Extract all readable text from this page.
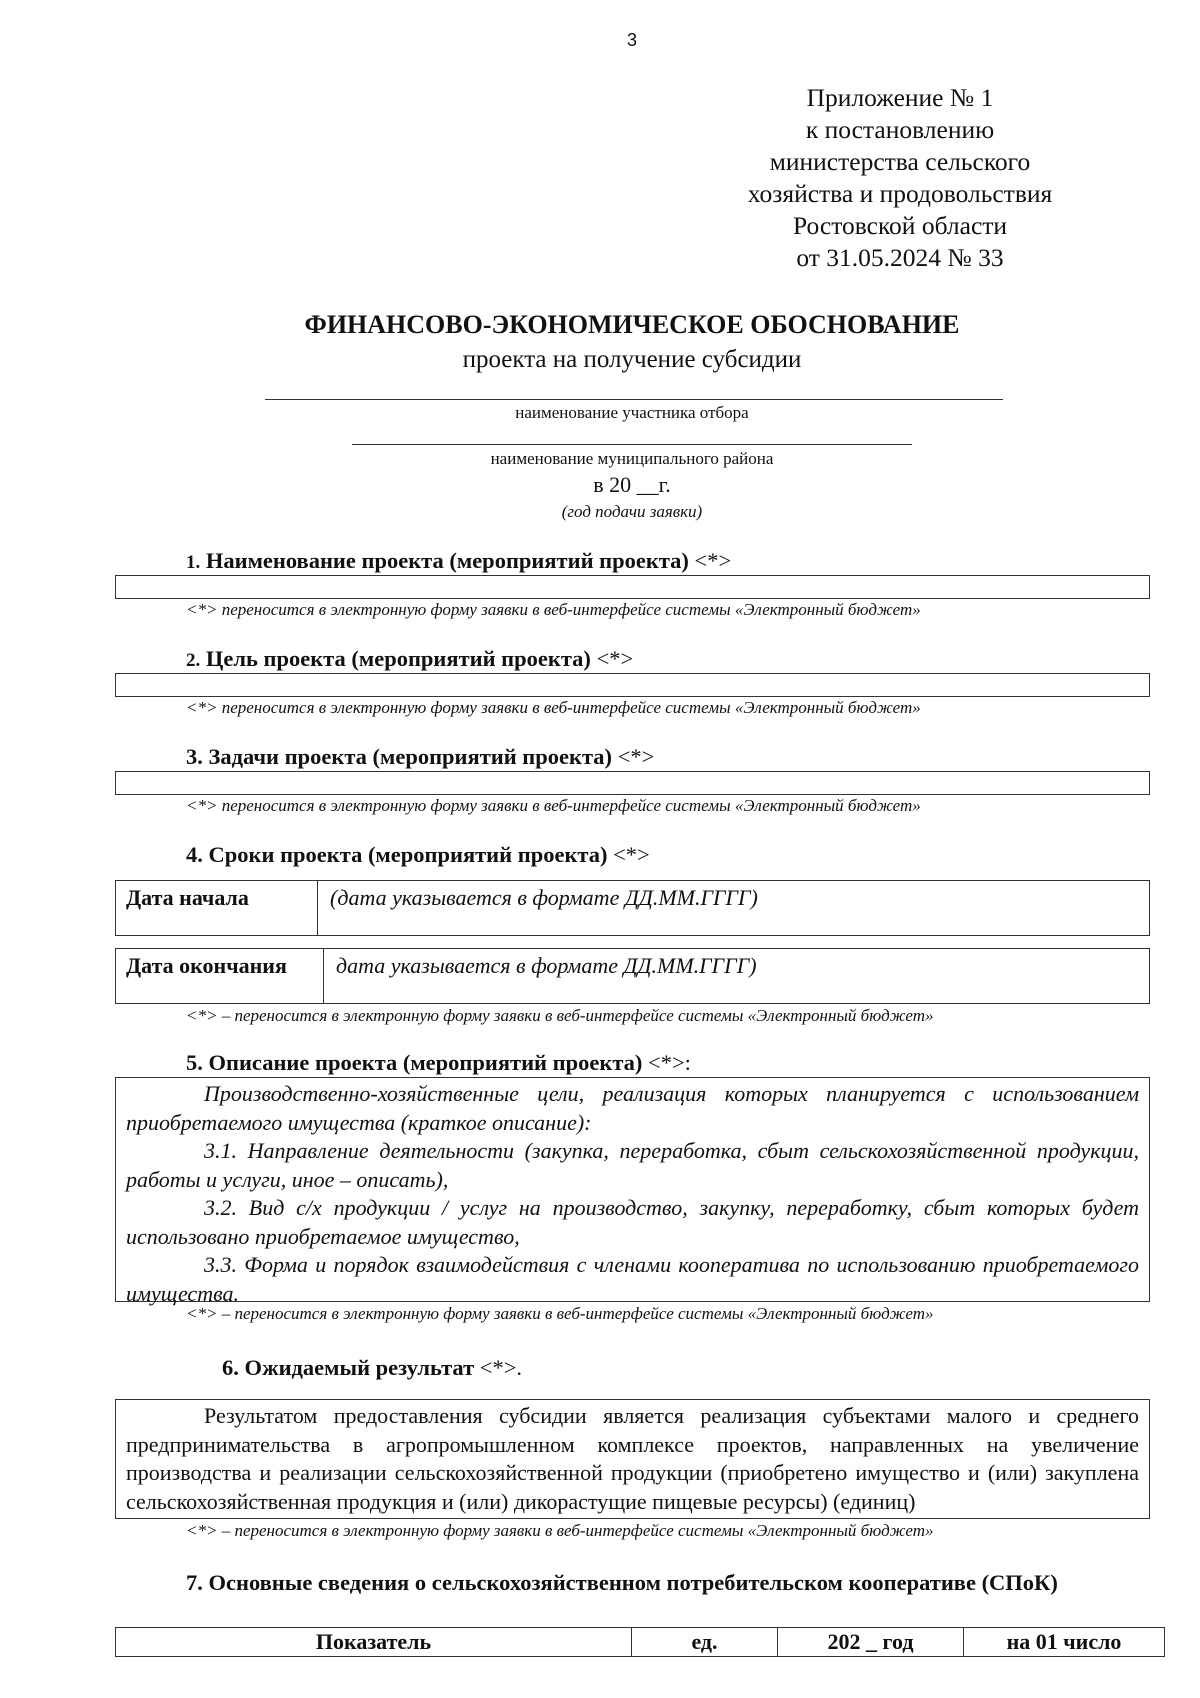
3
Приложение № 1
к постановлению
министерства сельского
хозяйства и продовольствия
Ростовской области
от 31.05.2024 № 33
ФИНАНСОВО-ЭКОНОМИЧЕСКОЕ ОБОСНОВАНИЕ
проекта на получение субсидии
наименование участника отбора
наименование муниципального района
в 20 __г.
(год подачи заявки)
1. Наименование проекта (мероприятий проекта) <*>
<*> переносится в электронную форму заявки в веб-интерфейсе системы «Электронный бюджет»
2. Цель проекта (мероприятий проекта) <*>
<*> переносится в электронную форму заявки в веб-интерфейсе системы «Электронный бюджет»
3. Задачи проекта (мероприятий проекта) <*>
<*> переносится в электронную форму заявки в веб-интерфейсе системы «Электронный бюджет»
4. Сроки проекта (мероприятий проекта) <*>
Дата начала	(дата указывается в формате ДД.ММ.ГГГГ)
Дата окончания	дата указывается в формате ДД.ММ.ГГГГ)
<*> – переносится в электронную форму заявки в веб-интерфейсе системы «Электронный бюджет»
5. Описание проекта (мероприятий проекта) <*>:

Производственно-хозяйственные цели, реализация которых планируется с использованием приобретаемого имущества (краткое описание):

3.1. Направление деятельности (закупка, переработка, сбыт сельскохозяйственной продукции, работы и услуги, иное – описать),

3.2. Вид с/х продукции / услуг на производство, закупку, переработку, сбыт которых будет использовано приобретаемое имущество,

3.3. Форма и порядок взаимодействия с членами кооператива по использованию приобретаемого имущества.

<*> – переносится в электронную форму заявки в веб-интерфейсе системы «Электронный бюджет»
6. Ожидаемый результат <*>.

Результатом предоставления субсидии является реализация субъектами малого и среднего предпринимательства в агропромышленном комплексе проектов, направленных на увеличение производства и реализации сельскохозяйственной продукции (приобретено имущество и (или) закуплена сельскохозяйственная продукция и (или) дикорастущие пищевые ресурсы) (единиц)

<*> – переносится в электронную форму заявки в веб-интерфейсе системы «Электронный бюджет»
7. Основные сведения о сельскохозяйственном потребительском кооперативе (СПоК)
Показатель	ед.	202 _ год	на 01 число
